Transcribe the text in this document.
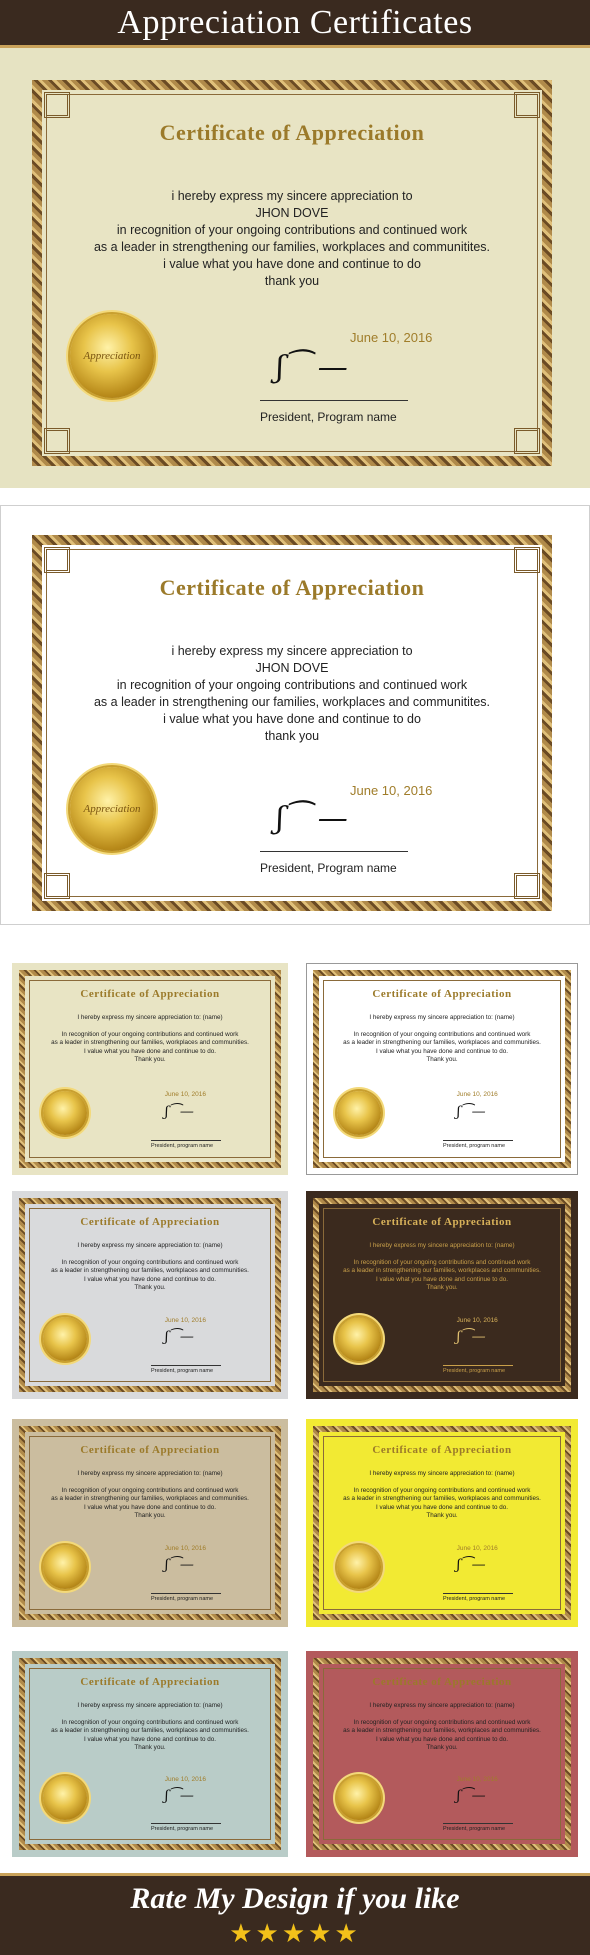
Appreciation Certificates
Certificate of Appreciation
i hereby express my sincere appreciation to
JHON DOVE
in recognition of your ongoing contributions and continued work
as a leader in strengthening our families, workplaces and communitites.
i value what you have done and continue to do
thank you
June 10, 2016
Appreciation	ʃ⁀ —
President, Program name
Certificate of Appreciation
i hereby express my sincere appreciation to
JHON DOVE
in recognition of your ongoing contributions and continued work
as a leader in strengthening our families, workplaces and communitites.
i value what you have done and continue to do
thank you
June 10, 2016
Appreciation	ʃ⁀ —
President, Program name
Certificate of Appreciation
I hereby express my sincere appreciation to: (name)
In recognition of your ongoing contributions and continued work
as a leader in strengthening our families, workplaces and communities.
I value what you have done and continue to do.
Thank you.
June 10, 2016
ʃ⁀—
President, program name
Certificate of Appreciation
I hereby express my sincere appreciation to: (name)
In recognition of your ongoing contributions and continued work
as a leader in strengthening our families, workplaces and communities.
I value what you have done and continue to do.
Thank you.
June 10, 2016
ʃ⁀—
President, program name
Certificate of Appreciation
I hereby express my sincere appreciation to: (name)
In recognition of your ongoing contributions and continued work
as a leader in strengthening our families, workplaces and communities.
I value what you have done and continue to do.
Thank you.
June 10, 2016
ʃ⁀—
President, program name
Certificate of Appreciation
I hereby express my sincere appreciation to: (name)
In recognition of your ongoing contributions and continued work
as a leader in strengthening our families, workplaces and communities.
I value what you have done and continue to do.
Thank you.
June 10, 2016
ʃ⁀—
President, program name
Certificate of Appreciation
I hereby express my sincere appreciation to: (name)
In recognition of your ongoing contributions and continued work
as a leader in strengthening our families, workplaces and communities.
I value what you have done and continue to do.
Thank you.
June 10, 2016
ʃ⁀—
President, program name
Certificate of Appreciation
I hereby express my sincere appreciation to: (name)
In recognition of your ongoing contributions and continued work
as a leader in strengthening our families, workplaces and communities.
I value what you have done and continue to do.
Thank you.
June 10, 2016
ʃ⁀—
President, program name
Certificate of Appreciation
I hereby express my sincere appreciation to: (name)
In recognition of your ongoing contributions and continued work
as a leader in strengthening our families, workplaces and communities.
I value what you have done and continue to do.
Thank you.
June 10, 2016
ʃ⁀—
President, program name
Certificate of Appreciation
I hereby express my sincere appreciation to: (name)
In recognition of your ongoing contributions and continued work
as a leader in strengthening our families, workplaces and communities.
I value what you have done and continue to do.
Thank you.
June 10, 2016
ʃ⁀—
President, program name
Rate My Design if you like
★★★★★
